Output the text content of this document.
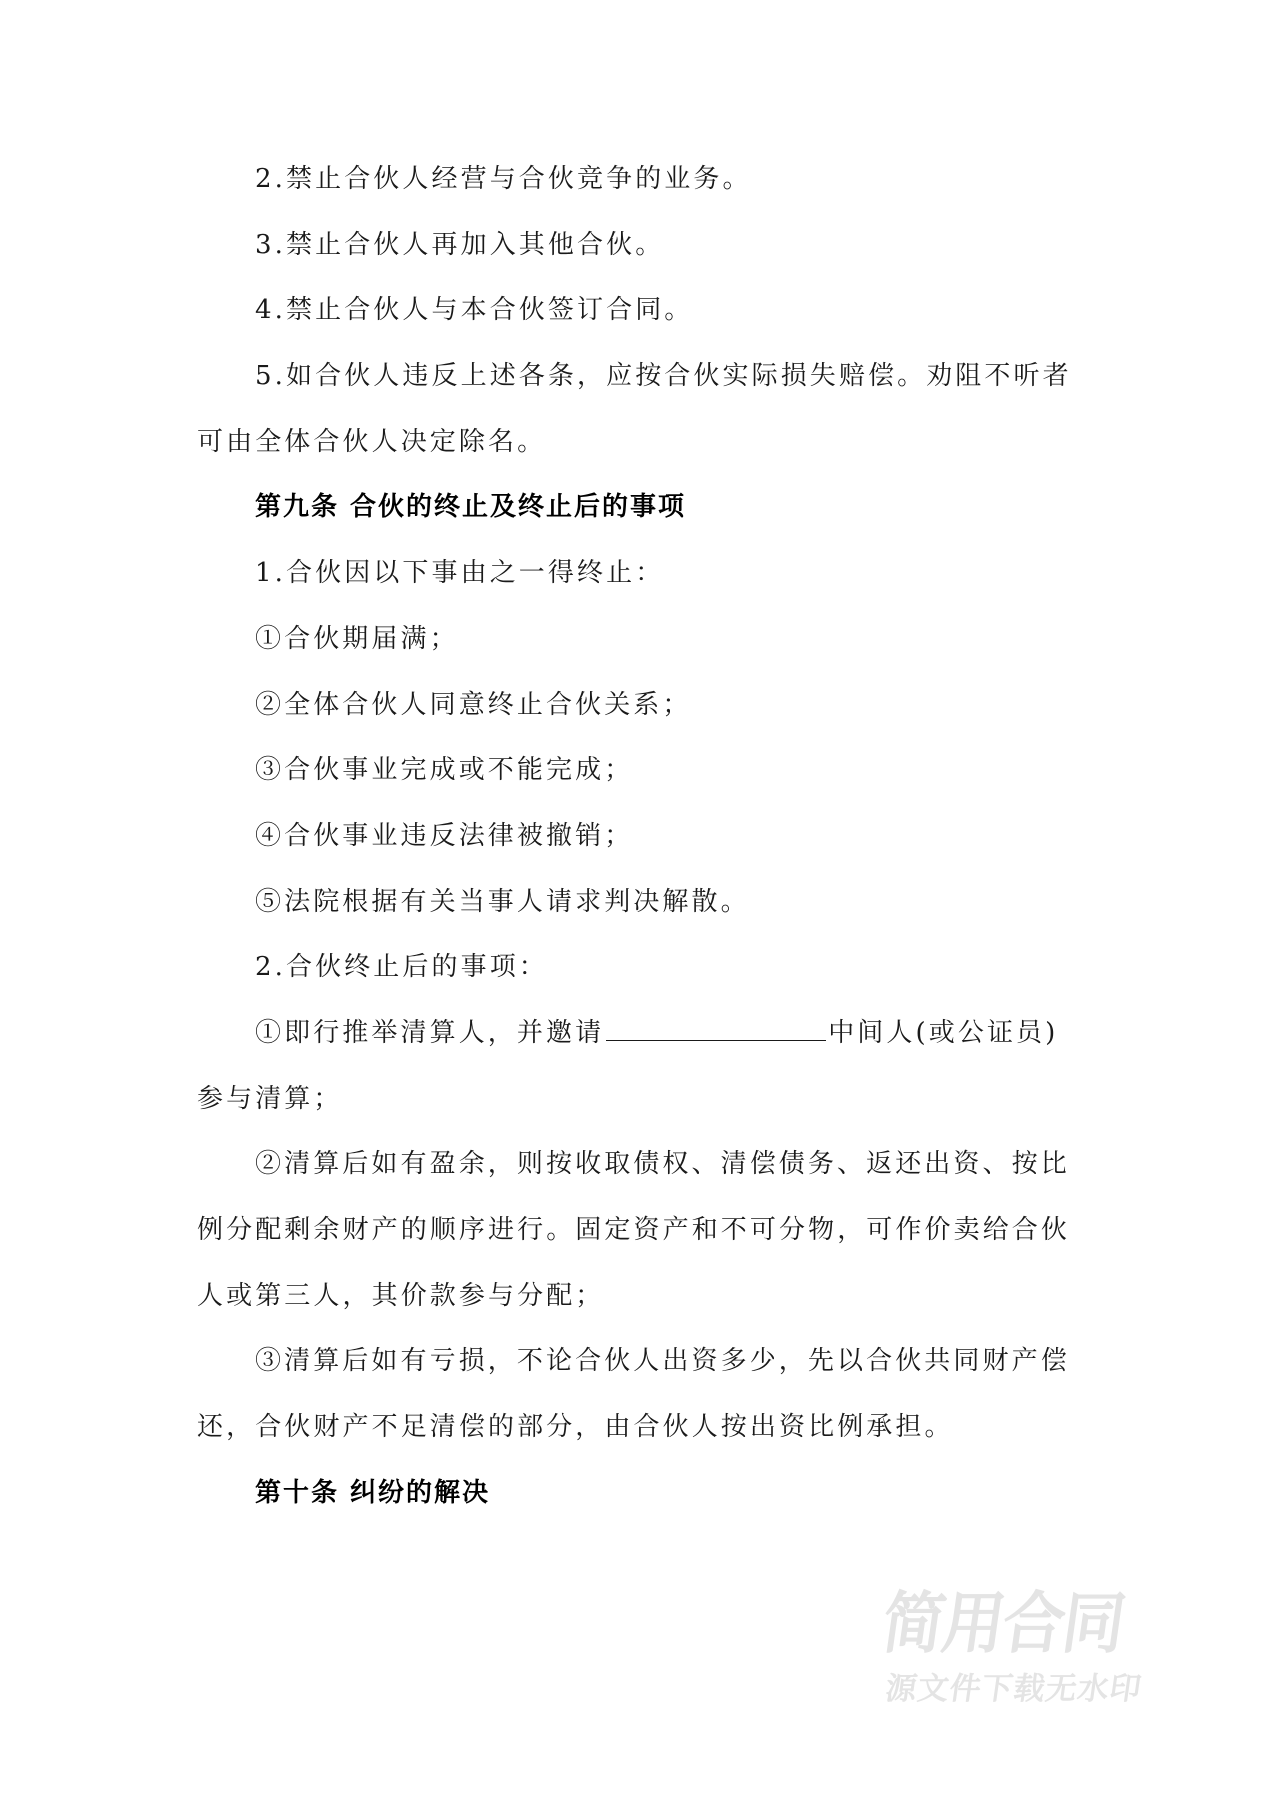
2.禁止合伙人经营与合伙竞争的业务。

3.禁止合伙人再加入其他合伙。

4.禁止合伙人与本合伙签订合同。

5.如合伙人违反上述各条，应按合伙实际损失赔偿。劝阻不听者

可由全体合伙人决定除名。

第九条 合伙的终止及终止后的事项

1.合伙因以下事由之一得终止：

①合伙期届满；

②全体合伙人同意终止合伙关系；

③合伙事业完成或不能完成；

④合伙事业违反法律被撤销；

⑤法院根据有关当事人请求判决解散。

2.合伙终止后的事项：

①即行推举清算人，并邀请	中间人(或公证员)

参与清算；

②清算后如有盈余，则按收取债权、清偿债务、返还出资、按比

例分配剩余财产的顺序进行。固定资产和不可分物，可作价卖给合伙

人或第三人，其价款参与分配；

③清算后如有亏损，不论合伙人出资多少，先以合伙共同财产偿

还，合伙财产不足清偿的部分，由合伙人按出资比例承担。

第十条 纠纷的解决

简用合同
源文件下载无水印
